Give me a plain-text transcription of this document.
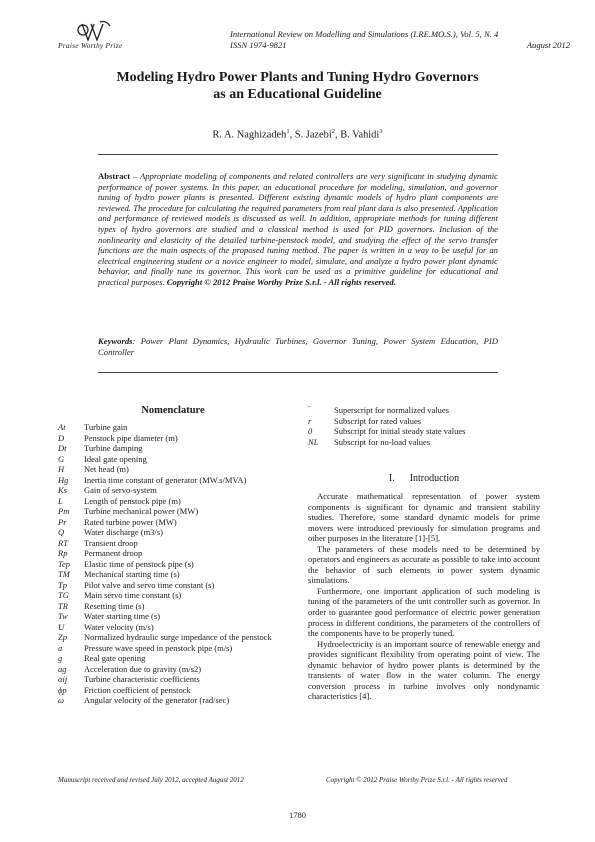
Praise Worthy Prize
International Review on Modelling and Simulations (I.RE.MO.S.), Vol. 5, N. 4
ISSN 1974-9821	August 2012
Modeling Hydro Power Plants and Tuning Hydro Governors
as an Educational Guideline
R. A. Naghizadeh$^1$, S. Jazebi$^2$, B. Vahidi$^3$
Abstract – Appropriate modeling of components and related controllers are very significant in studying dynamic performance of power systems. In this paper, an educational procedure for modeling, simulation, and governor tuning of hydro power plants is presented. Different existing dynamic models of hydro plant components are reviewed. The procedure for calculating the required parameters from real plant data is also presented. Application and performance of reviewed models is discussed as well. In addition, appropriate methods for tuning different types of hydro governors are studied and a classical method is used for PID governors. Inclusion of the nonlinearity and elasticity of the detailed turbine-penstock model, and studying the effect of the servo transfer functions are the main aspects of the proposed tuning method. The paper is written in a way to be useful for an electrical engineering student or a novice engineer to model, simulate, and analyze a hydro power plant dynamic behavior, and finally tune its governor. This work can be used as a primitive guideline for educational and practical purposes. Copyright © 2012 Praise Worthy Prize S.r.l. - All rights reserved.
Keywords: Power Plant Dynamics, Hydraulic Turbines, Governor Tuning, Power System Education, PID Controller
Nomenclature
At	Turbine gain
D	Penstock pipe diameter (m)
Dt	Turbine damping
G	Ideal gate opening
H	Net head (m)
Hg	Inertia time constant of generator (MW.s/MVA)
Ks	Gain of servo-system
L	Length of penstock pipe (m)
Pm	Turbine mechanical power (MW)
Pr	Rated turbine power (MW)
Q	Water discharge (m3/s)
RT	Transient droop
Rp	Permanent droop
Tep	Elastic time of penstock pipe (s)
TM	Mechanical starting time (s)
Tp	Pilot valve and servo time constant (s)
TG	Main servo time constant (s)
TR	Resetting time (s)
Tw	Water starting time (s)
U	Water velocity (m/s)
Zp	Normalized hydraulic surge impedance of the penstock
a	Pressure wave speed in penstock pipe (m/s)
g	Real gate opening
ag	Acceleration due to gravity (m/s2)
αij	Turbine characteristic coefficients
ϕp	Friction coefficient of penstock
ω	Angular velocity of the generator (rad/sec)
‾	Superscript for normalized values
r	Subscript for rated values
0	Subscript for initial steady state values
NL	Subscript for no-load values
I.      Introduction

Accurate mathematical representation of power system components is significant for dynamic and transient stability studies. Therefore, some standard dynamic models for prime movers were introduced previously for simulation programs and other purposes in the literature [1]-[5].

The parameters of these models need to be determined by operators and engineers as accurate as possible to take into account the behavior of such elements in power system dynamic simulations.

Furthermore, one important application of such modeling is tuning of the parameters of the unit controller such as governor. In order to guarantee good performance of electric power generation process in different conditions, the parameters of the controllers of the components have to be properly tuned.

Hydroelectricity is an important source of renewable energy and provides significant flexibility from operating point of view. The dynamic behavior of hydro power plants is determined by the transients of water flow in the water column. The energy conversion process in turbine involves only nondynamic characteristics [4].

Manuscript received and revised July 2012, accepted August 2012	Copyright © 2012 Praise Worthy Prize S.r.l. - All rights reserved
1780
